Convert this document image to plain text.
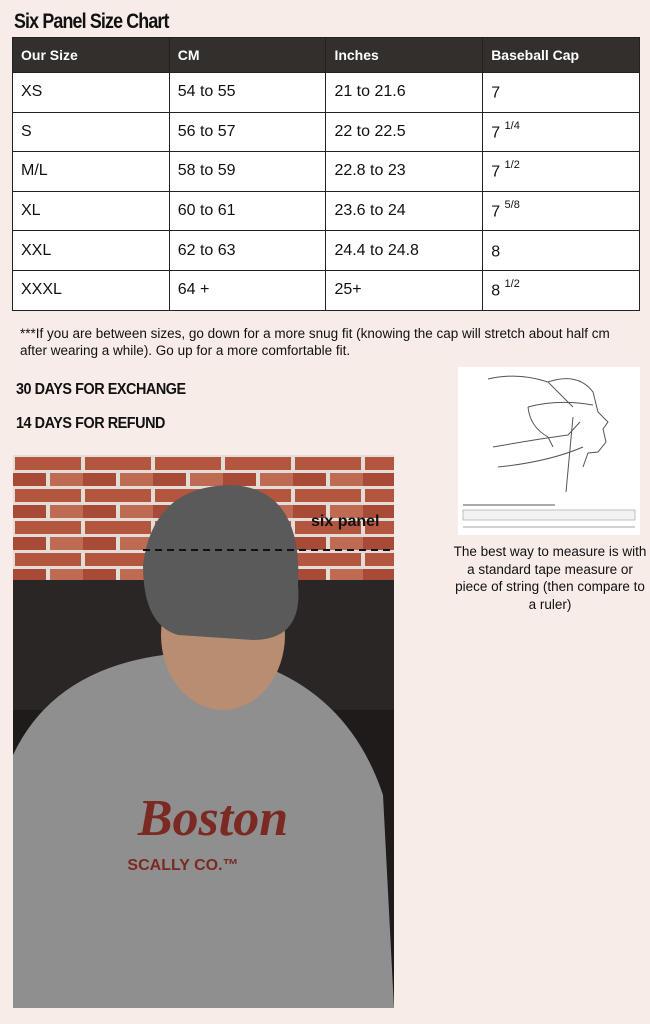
Six Panel Size Chart
Our Size	CM	Inches	Baseball Cap
XS	54 to 55	21 to 21.6	7
S	56 to 57	22 to 22.5	7 $^{1/4}$
M/L	58 to 59	22.8 to 23	7 $^{1/2}$
XL	60 to 61	23.6 to 24	7 $^{5/8}$
XXL	62 to 63	24.4 to 24.8	8
XXXL	64 +	25+	8 $^{1/2}$
***If you are between sizes, go down for a more snug fit (knowing the cap will stretch about half cm after wearing a while). Go up for a more comfortable fit.
30 DAYS FOR EXCHANGE
14 DAYS FOR REFUND
The best way to measure is with a standard tape measure or piece of string (then compare to a ruler)
Boston
SCALLY CO.™
six panel
